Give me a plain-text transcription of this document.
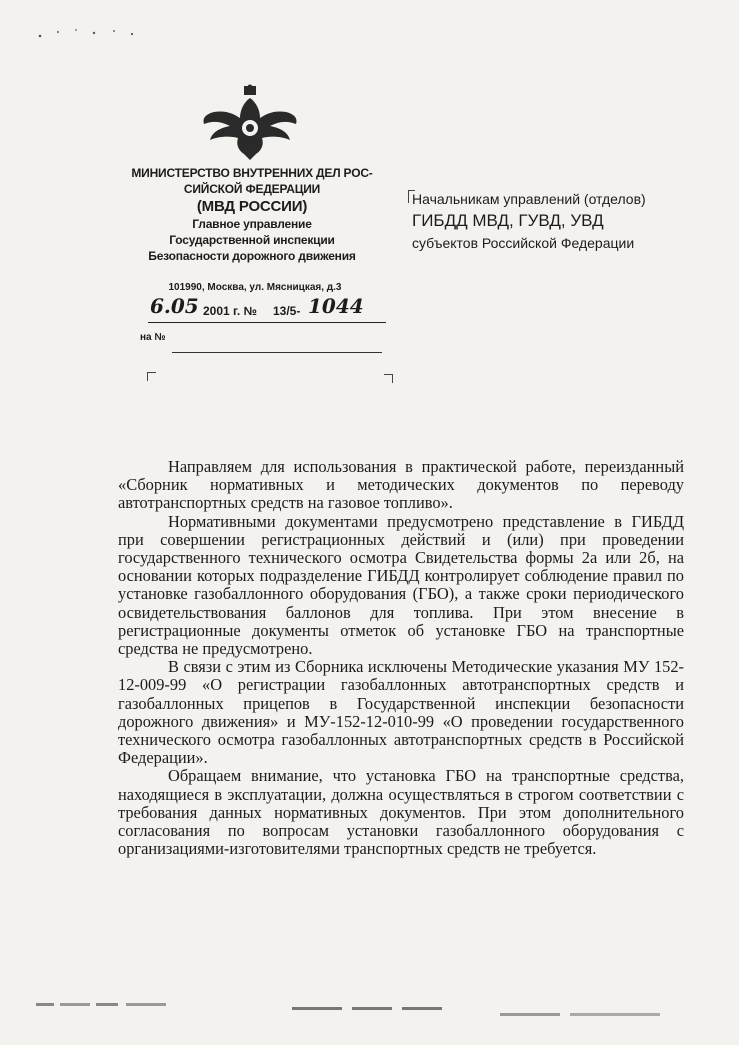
МИНИСТЕРСТВО ВНУТРЕННИХ ДЕЛ РОС-
СИЙСКОЙ ФЕДЕРАЦИИ
(МВД РОССИИ)
Главное управление
Государственной инспекции
Безопасности дорожного движения
101990, Москва, ул. Мясницкая, д.3
6.05 2001 г. № 13/5- 1044
на №
Начальникам управлений (отделов)
ГИБДД МВД, ГУВД, УВД
субъектов Российской Федерации

Направляем для использования в практической работе, переизданный «Сборник нормативных и методических документов по переводу автотранспортных средств на газовое топливо».

Нормативными документами предусмотрено представление в ГИБДД при совершении регистрационных действий и (или) при проведении государственного технического осмотра Свидетельства формы 2а или 2б, на основании которых подразделение ГИБДД контролирует соблюдение правил по установке газобаллонного оборудования (ГБО), а также сроки периодического освидетельствования баллонов для топлива. При этом внесение в регистрационные документы отметок об установке ГБО на транспортные средства не предусмотрено.

В связи с этим из Сборника исключены Методические указания МУ 152-12-009-99 «О регистрации газобаллонных автотранспортных средств и газобаллонных прицепов в Государственной инспекции безопасности дорожного движения» и МУ-152-12-010-99 «О проведении государственного технического осмотра газобаллонных автотранспортных средств в Российской Федерации».

Обращаем внимание, что установка ГБО на транспортные средства, находящиеся в эксплуатации, должна осуществляться в строгом соответствии с требования данных нормативных документов. При этом дополнительного согласования по вопросам установки газобаллонного оборудования с организациями-изготовителями транспортных средств не требуется.
